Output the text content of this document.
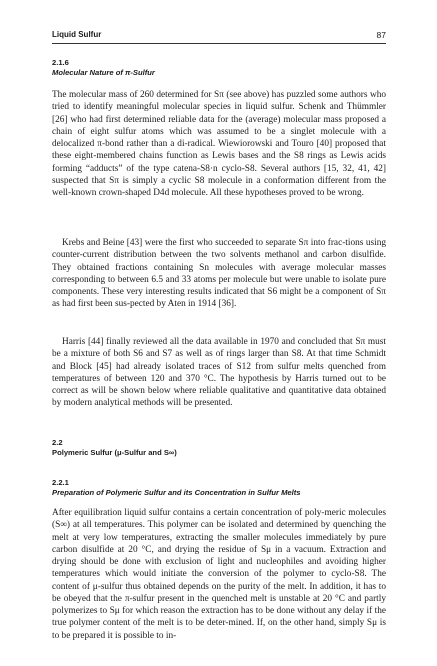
Liquid Sulfur	87
2.1.6
Molecular Nature of π-Sulfur

The molecular mass of 260 determined for Sπ (see above) has puzzled some authors who tried to identify meaningful molecular species in liquid sulfur. Schenk and Thümmler [26] who had first determined reliable data for the (average) molecular mass proposed a chain of eight sulfur atoms which was assumed to be a singlet molecule with a delocalized π-bond rather than a di-radical. Wiewiorowski and Touro [40] proposed that these eight-membered chains function as Lewis bases and the S8 rings as Lewis acids forming “adducts” of the type catena-S8·n cyclo-S8. Several authors [15, 32, 41, 42] suspected that Sπ is simply a cyclic S8 molecule in a conformation different from the well-known crown-shaped D4d molecule. All these hypotheses proved to be wrong.

Krebs and Beine [43] were the first who succeeded to separate Sπ into frac-tions using counter-current distribution between the two solvents methanol and carbon disulfide. They obtained fractions containing Sn molecules with average molecular masses corresponding to between 6.5 and 33 atoms per molecule but were unable to isolate pure components. These very interesting results indicated that S6 might be a component of Sπ as had first been sus-pected by Aten in 1914 [36].

Harris [44] finally reviewed all the data available in 1970 and concluded that Sπ must be a mixture of both S6 and S7 as well as of rings larger than S8. At that time Schmidt and Block [45] had already isolated traces of S12 from sulfur melts quenched from temperatures of between 120 and 370 °C. The hypothesis by Harris turned out to be correct as will be shown below where reliable qualitative and quantitative data obtained by modern analytical methods will be presented.

2.2
Polymeric Sulfur (μ-Sulfur and S∞)
2.2.1
Preparation of Polymeric Sulfur and its Concentration in Sulfur Melts

After equilibration liquid sulfur contains a certain concentration of poly-meric molecules (S∞) at all temperatures. This polymer can be isolated and determined by quenching the melt at very low temperatures, extracting the smaller molecules immediately by pure carbon disulfide at 20 °C, and drying the residue of Sμ in a vacuum. Extraction and drying should be done with exclusion of light and nucleophiles and avoiding higher temperatures which would initiate the conversion of the polymer to cyclo-S8. The content of μ-sulfur thus obtained depends on the purity of the melt. In addition, it has to be obeyed that the π-sulfur present in the quenched melt is unstable at 20 °C and partly polymerizes to Sμ for which reason the extraction has to be done without any delay if the true polymer content of the melt is to be deter-mined. If, on the other hand, simply Sμ is to be prepared it is possible to in-
